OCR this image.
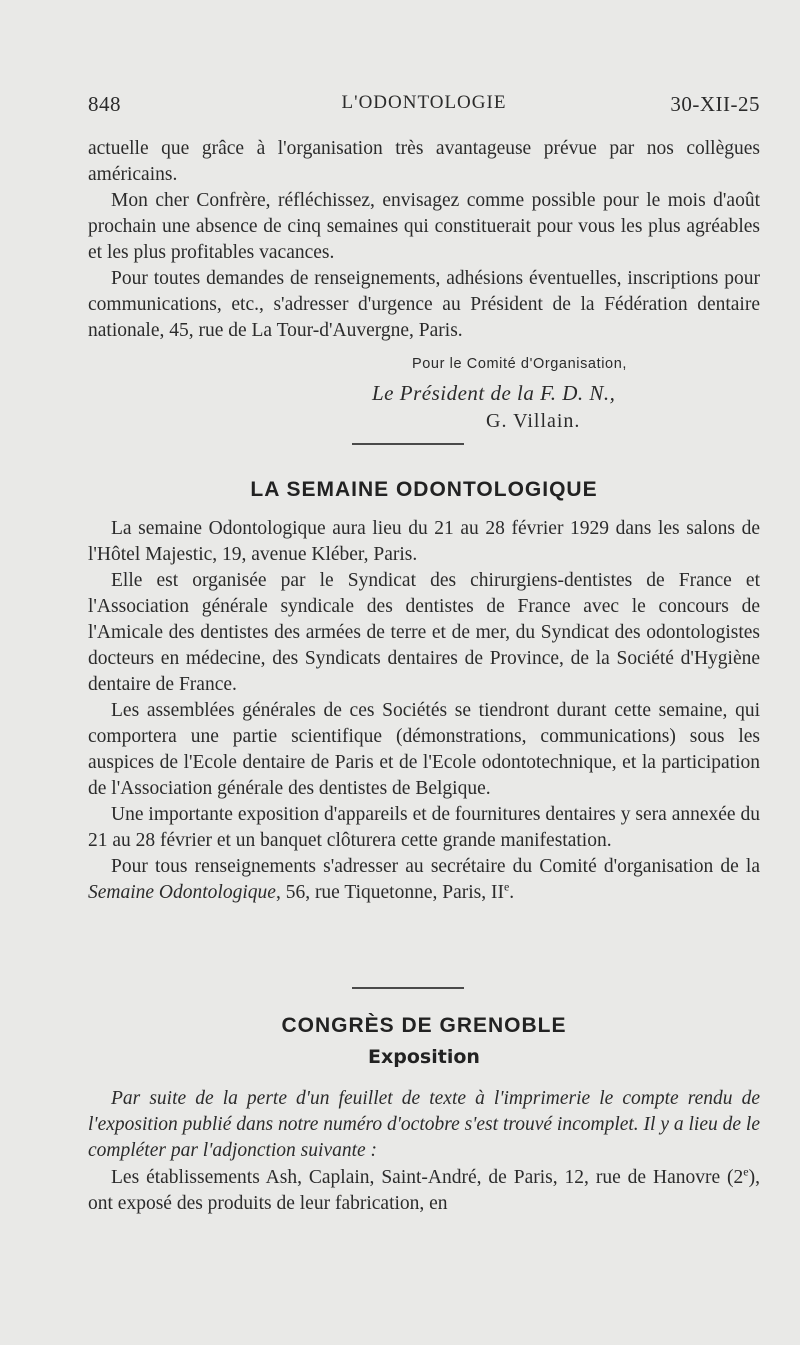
848	L'ODONTOLOGIE	30-XII-25

actuelle que grâce à l'organisation très avantageuse prévue par nos collègues américains.

Mon cher Confrère, réfléchissez, envisagez comme possible pour le mois d'août prochain une absence de cinq semaines qui constituerait pour vous les plus agréables et les plus profitables vacances.

Pour toutes demandes de renseignements, adhésions éventuelles, inscriptions pour communications, etc., s'adresser d'urgence au Président de la Fédération dentaire nationale, 45, rue de La Tour-d'Auvergne, Paris.

Pour le Comité d'Organisation,
Le Président de la F. D. N.,
G. Villain.
LA SEMAINE ODONTOLOGIQUE

La semaine Odontologique aura lieu du 21 au 28 février 1929 dans les salons de l'Hôtel Majestic, 19, avenue Kléber, Paris.

Elle est organisée par le Syndicat des chirurgiens-dentistes de France et l'Association générale syndicale des dentistes de France avec le concours de l'Amicale des dentistes des armées de terre et de mer, du Syndicat des odontologistes docteurs en médecine, des Syndicats dentaires de Province, de la Société d'Hygiène dentaire de France.

Les assemblées générales de ces Sociétés se tiendront durant cette semaine, qui comportera une partie scientifique (démonstrations, communications) sous les auspices de l'Ecole dentaire de Paris et de l'Ecole odontotechnique, et la participation de l'Association générale des dentistes de Belgique.

Une importante exposition d'appareils et de fournitures dentaires y sera annexée du 21 au 28 février et un banquet clôturera cette grande manifestation.

Pour tous renseignements s'adresser au secrétaire du Comité d'organisation de la Semaine Odontologique, 56, rue Tiquetonne, Paris, IIe.

CONGRÈS DE GRENOBLE
Exposition

Par suite de la perte d'un feuillet de texte à l'imprimerie le compte rendu de l'exposition publié dans notre numéro d'octobre s'est trouvé incomplet. Il y a lieu de le compléter par l'adjonction suivante :

Les établissements Ash, Caplain, Saint-André, de Paris, 12, rue de Hanovre (2e), ont exposé des produits de leur fabrication, en
